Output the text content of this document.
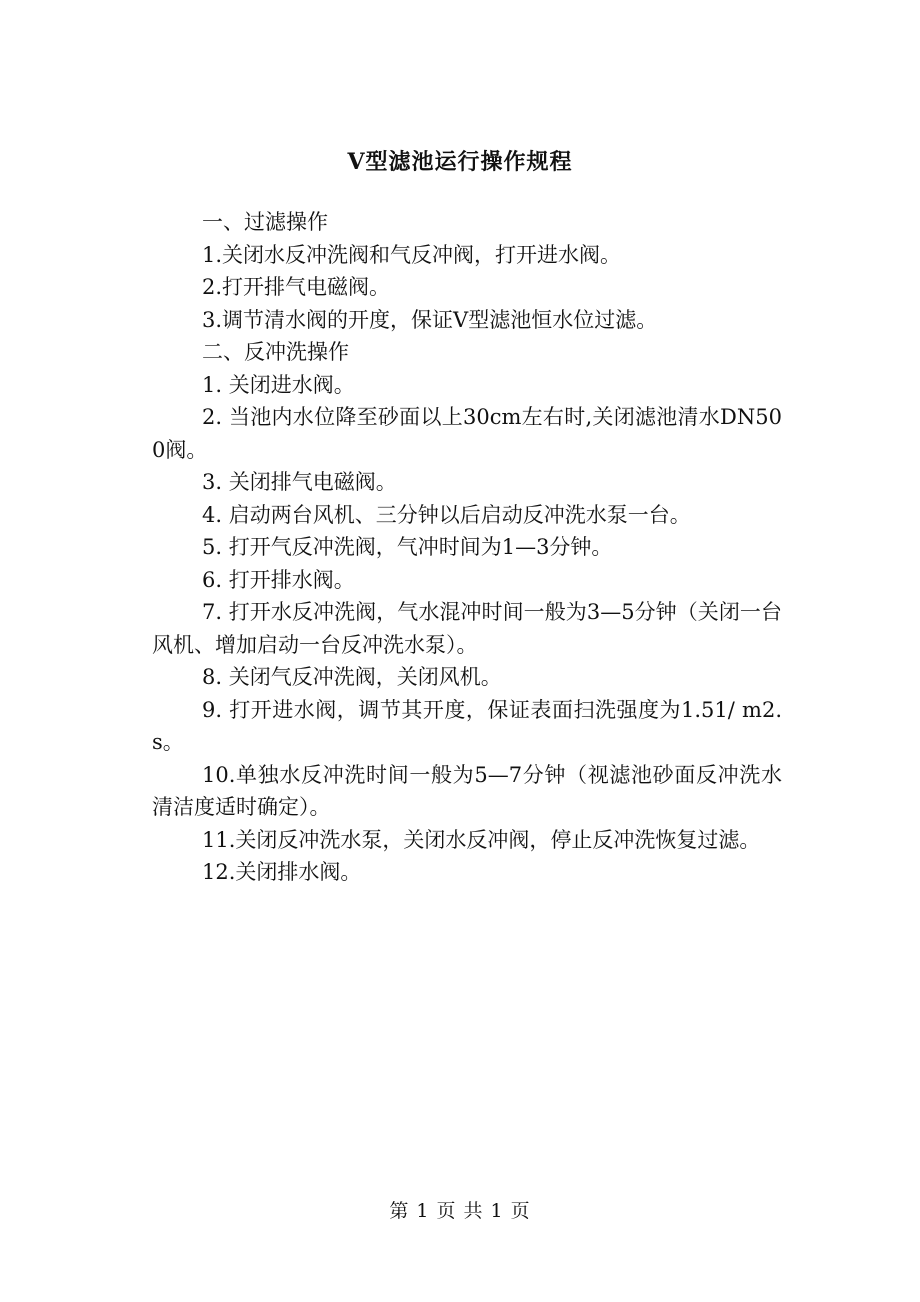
V型滤池运行操作规程

一、过滤操作

1.关闭水反冲洗阀和气反冲阀，打开进水阀。

2.打开排气电磁阀。

3.调节清水阀的开度，保证V型滤池恒水位过滤。

二、反冲洗操作

1. 关闭进水阀。

2. 当池内水位降至砂面以上30cm左右时,关闭滤池清水DN500阀。

3. 关闭排气电磁阀。

4. 启动两台风机、三分钟以后启动反冲洗水泵一台。

5. 打开气反冲洗阀，气冲时间为1—3分钟。

6. 打开排水阀。

7. 打开水反冲洗阀，气水混冲时间一般为3—5分钟（关闭一台风机、增加启动一台反冲洗水泵）。

8. 关闭气反冲洗阀，关闭风机。

9. 打开进水阀，调节其开度，保证表面扫洗强度为1.51/ m2.s。

10.单独水反冲洗时间一般为5—7分钟（视滤池砂面反冲洗水清洁度适时确定）。

11.关闭反冲洗水泵，关闭水反冲阀，停止反冲洗恢复过滤。

12.关闭排水阀。

第 1 页 共 1 页
